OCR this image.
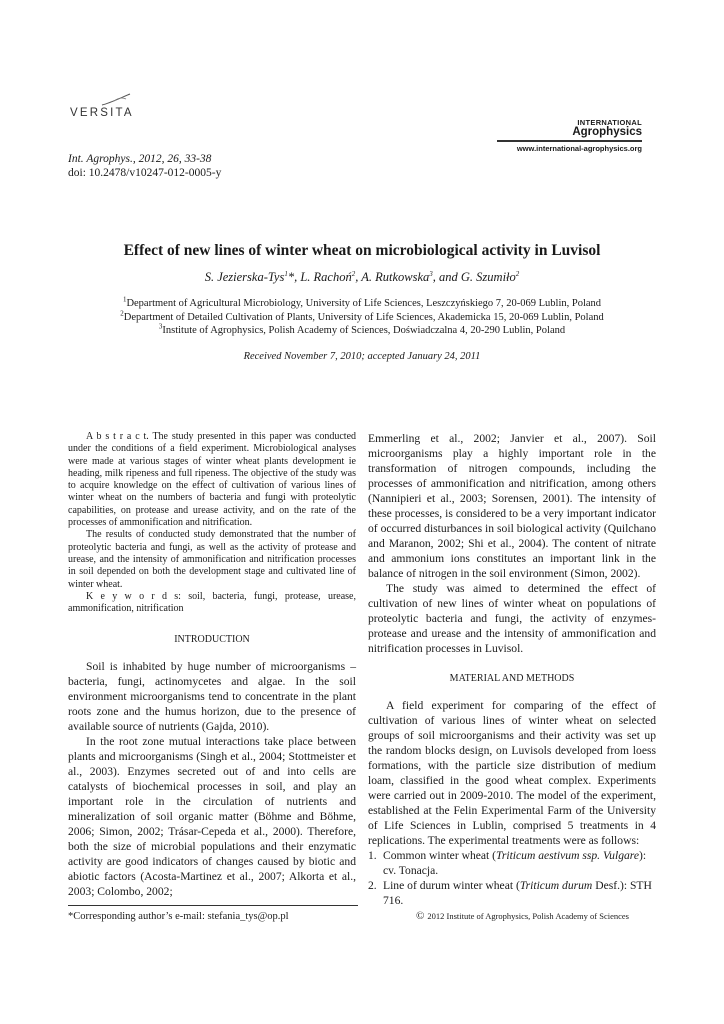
VERSITA
INTERNATIONAL
Agrophysics
www.international-agrophysics.org
Int. Agrophys., 2012, 26, 33-38
doi: 10.2478/v10247-012-0005-y
Effect of new lines of winter wheat on microbiological activity in Luvisol
S. Jezierska-Tys$^1$*, L. Rachoń$^2$, A. Rutkowska$^3$, and G. Szumiło$^2$
$^1$Department of Agricultural Microbiology, University of Life Sciences, Leszczyńskiego 7, 20-069 Lublin, Poland
$^2$Department of Detailed Cultivation of Plants, University of Life Sciences, Akademicka 15, 20-069 Lublin, Poland
$^3$Institute of Agrophysics, Polish Academy of Sciences, Doświadczalna 4, 20-290 Lublin, Poland
Received November 7, 2010; accepted January 24, 2011

A b s t r a c t. The study presented in this paper was conducted under the conditions of a field experiment. Microbiological analyses were made at various stages of winter wheat plants development ie heading, milk ripeness and full ripeness. The objective of the study was to acquire knowledge on the effect of cultivation of various lines of winter wheat on the numbers of bacteria and fungi with proteolytic capabilities, on protease and urease activity, and on the rate of the processes of ammonification and nitrification.

The results of conducted study demonstrated that the number of proteolytic bacteria and fungi, as well as the activity of protease and urease, and the intensity of ammonification and nitrification processes in soil depended on both the development stage and cultivated line of winter wheat.

K e y w o r d s: soil, bacteria, fungi, protease, urease, ammonification, nitrification

INTRODUCTION

Soil is inhabited by huge number of microorganisms – bacteria, fungi, actinomycetes and algae. In the soil environment microorganisms tend to concentrate in the plant roots zone and the humus horizon, due to the presence of available source of nutrients (Gajda, 2010).

In the root zone mutual interactions take place between plants and microorganisms (Singh et al., 2004; Stottmeister et al., 2003). Enzymes secreted out of and into cells are catalysts of biochemical processes in soil, and play an important role in the circulation of nutrients and mineralization of soil organic matter (Böhme and Böhme, 2006; Simon, 2002; Trásar-Cepeda et al., 2000). Therefore, both the size of microbial populations and their enzymatic activity are good indicators of changes caused by biotic and abiotic factors (Acosta-Martinez et al., 2007; Alkorta et al., 2003; Colombo, 2002;

Emmerling et al., 2002; Janvier et al., 2007). Soil microorganisms play a highly important role in the transformation of nitrogen compounds, including the processes of ammonification and nitrification, among others (Nannipieri et al., 2003; Sorensen, 2001). The intensity of these processes, is considered to be a very important indicator of occurred disturbances in soil biological activity (Quilchano and Maranon, 2002; Shi et al., 2004). The content of nitrate and ammonium ions constitutes an important link in the balance of nitrogen in the soil environment (Simon, 2002).

The study was aimed to determined the effect of cultivation of new lines of winter wheat on populations of proteolytic bacteria and fungi, the activity of enzymes-protease and urease and the intensity of ammonification and nitrification processes in Luvisol.

MATERIAL AND METHODS

A field experiment for comparing of the effect of cultivation of various lines of winter wheat on selected groups of soil microorganisms and their activity was set up the random blocks design, on Luvisols developed from loess formations, with the particle size distribution of medium loam, classified in the good wheat complex. Experiments were carried out in 2009-2010. The model of the experiment, established at the Felin Experimental Farm of the University of Life Sciences in Lublin, comprised 5 treatments in 4 replications. The experimental treatments were as follows:

1. Common winter wheat (Triticum aestivum ssp. Vulgare): cv. Tonacja.
2. Line of durum winter wheat (Triticum durum Desf.): STH 716.
*Corresponding author’s e-mail: stefania_tys@op.pl	© 2012 Institute of Agrophysics, Polish Academy of Sciences
